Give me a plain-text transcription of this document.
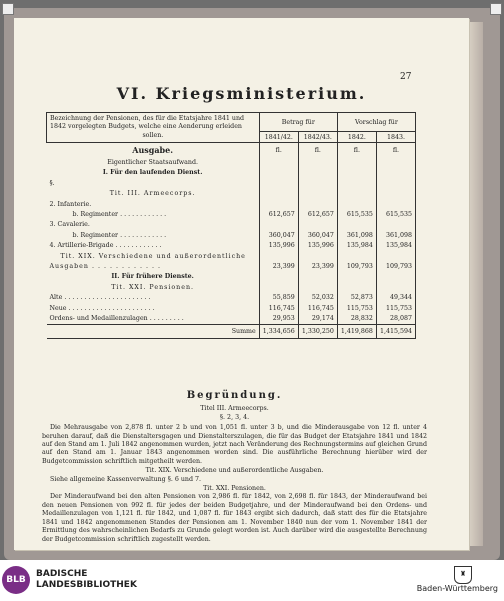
27
VI. Kriegsministerium.
Bezeichnung der Pensionen, des für die Etatsjahre 1841 und
1842 vorgelegten Budgets, welche eine Aenderung erleiden
sollen.	Betrag für		Vorschlag für	
	1841/42.	1842/43.	1842.	1843.
Ausgabe.	fl.	fl.	fl.	fl.
Eigentlicher Staatsaufwand.				
I. Für den laufenden Dienst.				
§.				
Tit. III. Armeecorps.				
2. Infanterie.				
b. Regimenter . . . . . . . . . . . .	612,657	612,657	615,535	615,535
3. Cavalerie.				
b. Regimenter . . . . . . . . . . . .	360,047	360,047	361,098	361,098
4. Artillerie-Brigade . . . . . . . . . . . .	135,996	135,996	135,984	135,984
Tit. XIX. Verschiedene und außerordentliche				
Ausgaben . . . . . . . . . . . .	23,399	23,399	109,793	109,793
II. Für frühere Dienste.				
Tit. XXI. Pensionen.				
Alte . . . . . . . . . . . . . . . . . . . . . .	55,859	52,032	52,873	49,344
Neue . . . . . . . . . . . . . . . . . . . . . .	116,745	116,745	115,753	115,753
Ordens- und Medaillenzulagen . . . . . . . . .	29,953	29,174	28,832	28,087
Summe	1,334,656	1,330,250	1,419,868	1,415,594

Begründung.

Titel III. Armeecorps.

§. 2, 3, 4.

Die Mehrausgabe von 2,878 fl. unter 2 b und von 1,051 fl. unter 3 b, und die Minderausgabe von 12 fl. unter 4 beruhen darauf, daß die Dienstaltersgagen und Dienstalterszulagen, die für das Budget der Etatsjahre 1841 und 1842 auf den Stand am 1. Juli 1842 angenommen wurden, jetzt nach Veränderung des Rechnungstermins auf gleichen Grund auf den Stand am 1. Januar 1843 angenommen worden sind. Die ausführliche Berechnung hierüber wird der Budgetcommission schriftlich mitgetheilt werden.

Tit. XIX. Verschiedene und außerordentliche Ausgaben.

Siehe allgemeine Kassenverwaltung §. 6 und 7.

Tit. XXI. Pensionen.

Der Minderaufwand bei den alten Pensionen von 2,986 fl. für 1842, von 2,698 fl. für 1843, der Minderaufwand bei den neuen Pensionen von 992 fl. für jedes der beiden Budgetjahre, und der Minderaufwand bei den Ordens- und Medaillenzulagen von 1,121 fl. für 1842, und 1,087 fl. für 1843 ergibt sich dadurch, daß statt des für die Etatsjahre 1841 und 1842 angenommenen Standes der Pensionen am 1. November 1840 nun der vom 1. November 1841 der Ermittlung des wahrscheinlichen Bedarfs zu Grunde gelegt worden ist. Auch darüber wird die ausgestellte Berechnung der Budgetcommission schriftlich zugestellt werden.

BLB
BADISCHE
LANDESBIBLIOTHEK
♜
Baden-Württemberg
